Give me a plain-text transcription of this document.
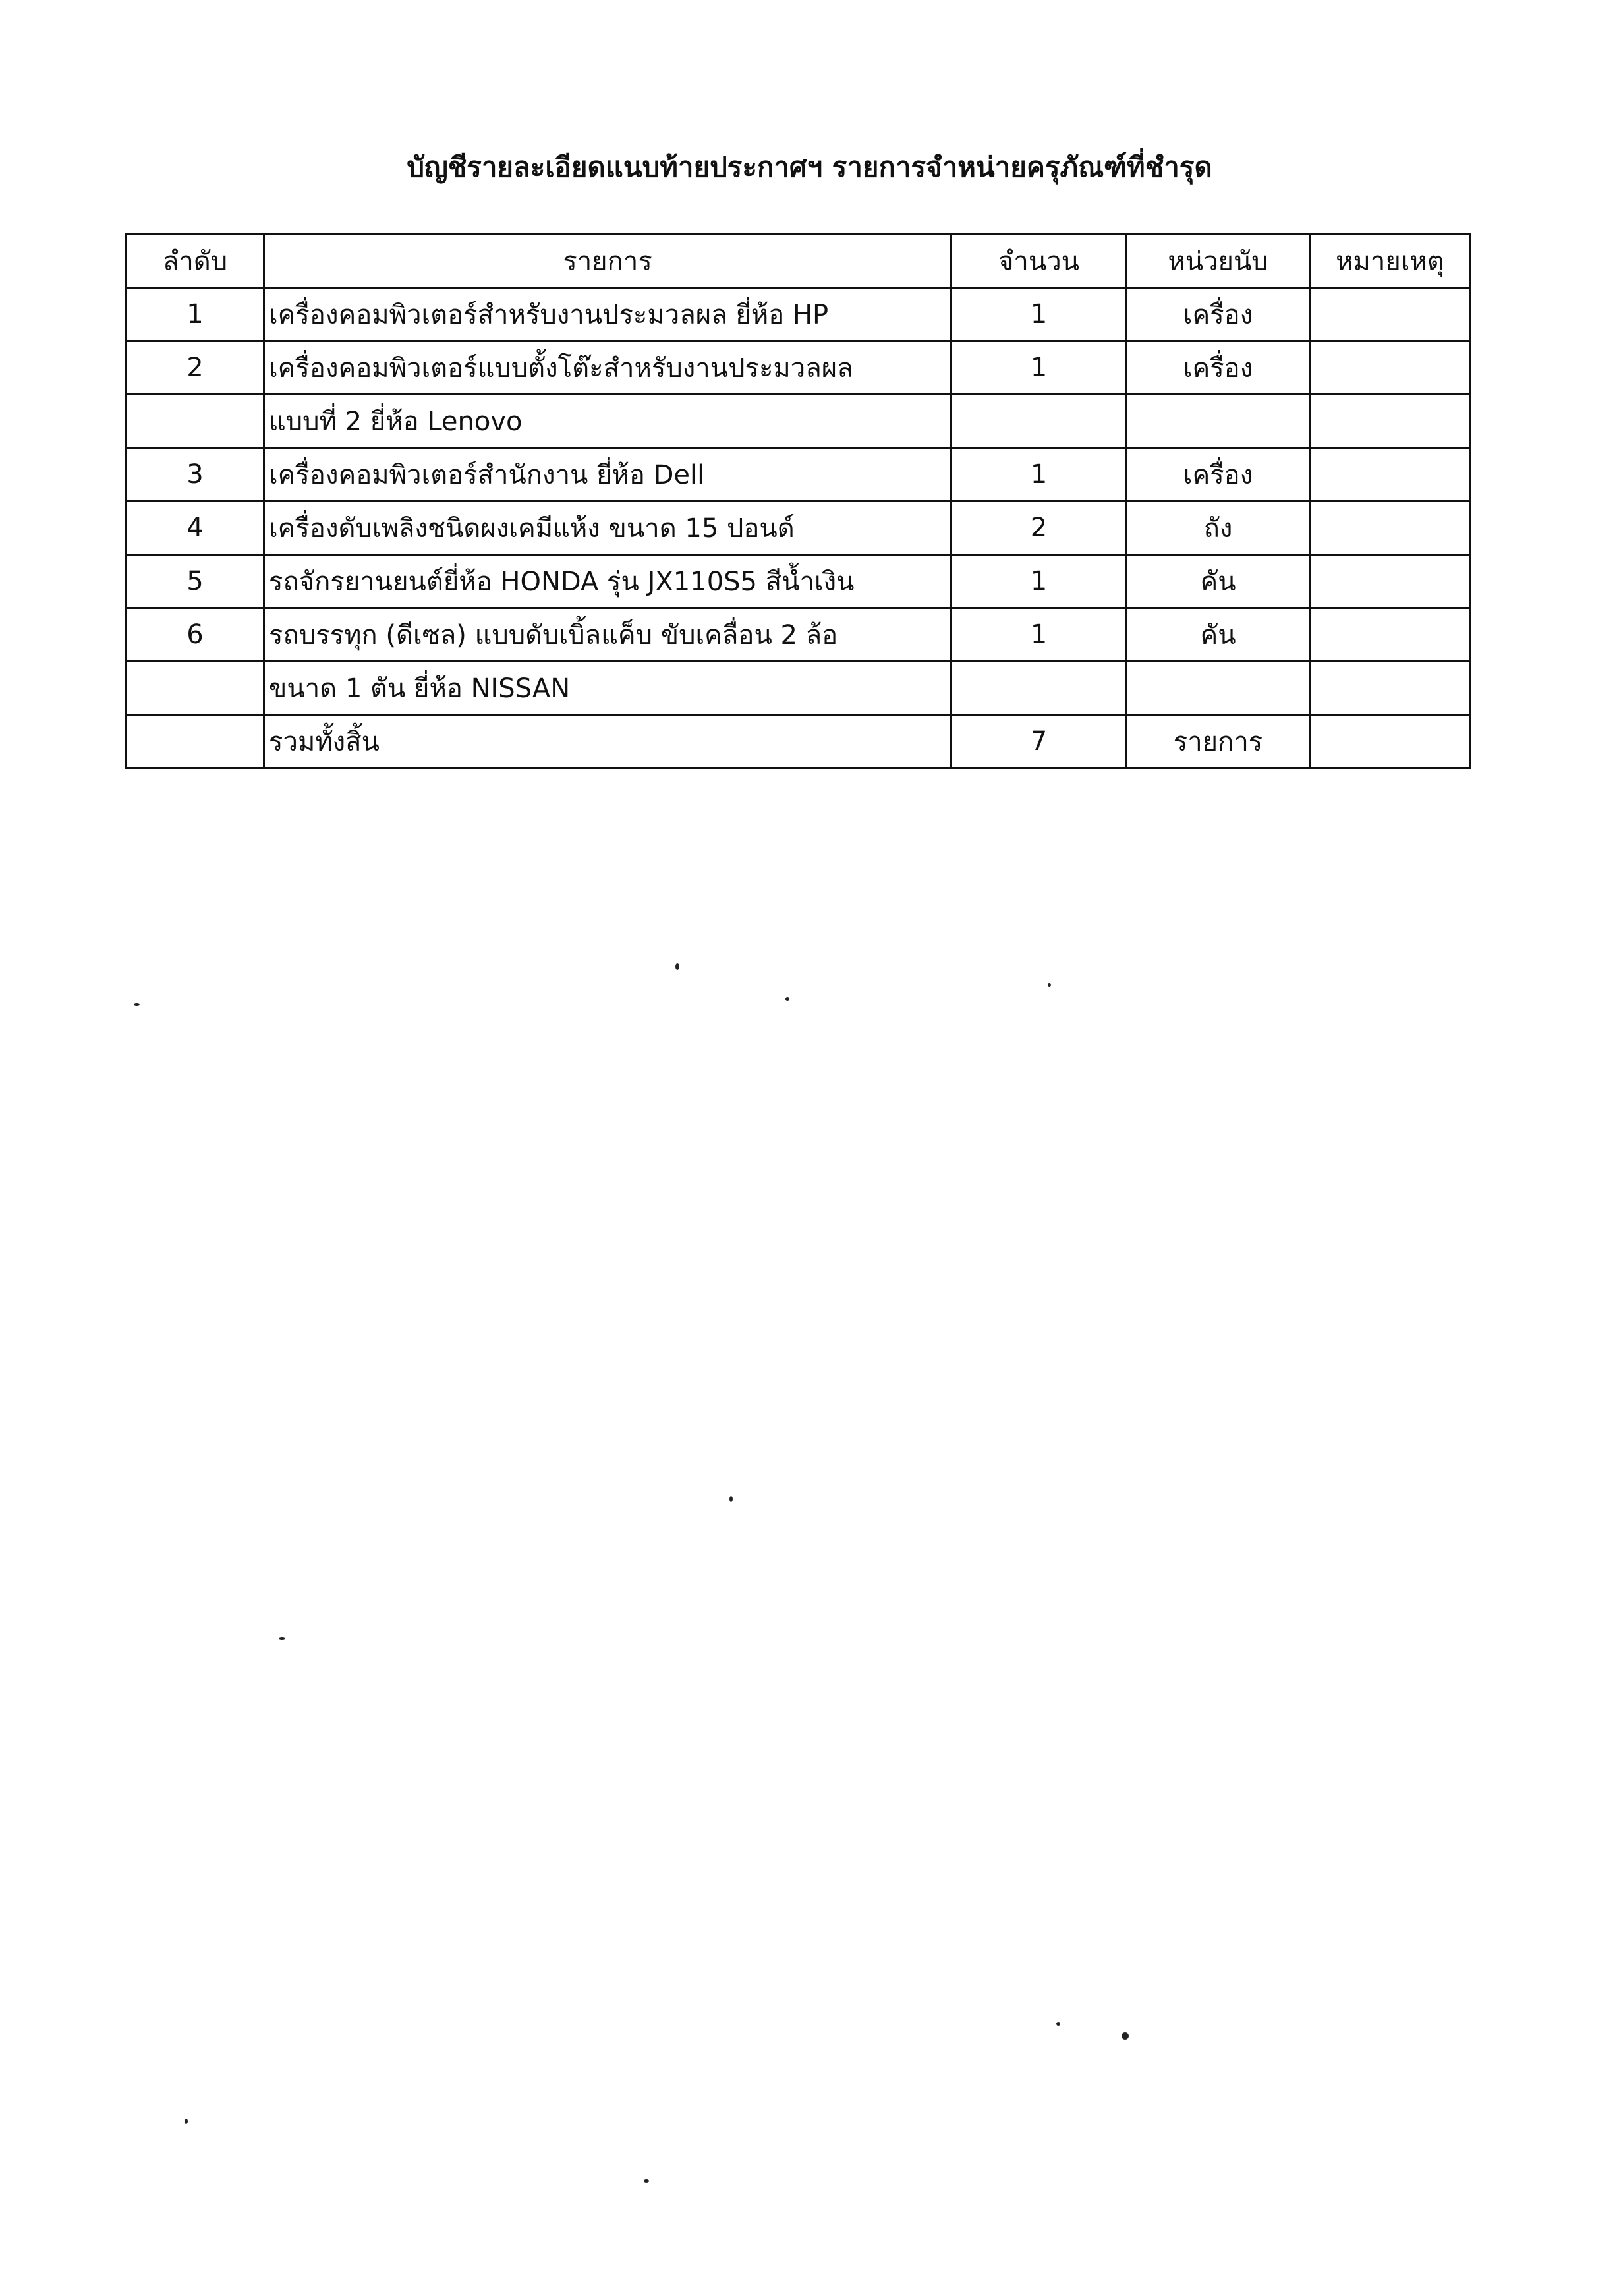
บัญชีรายละเอียดแนบท้ายประกาศฯ รายการจำหน่ายครุภัณฑ์ที่ชำรุด
ลำดับ	รายการ	จำนวน	หน่วยนับ	หมายเหตุ
1	เครื่องคอมพิวเตอร์สำหรับงานประมวลผล ยี่ห้อ HP	1	เครื่อง	
2	เครื่องคอมพิวเตอร์แบบตั้งโต๊ะสำหรับงานประมวลผล	1	เครื่อง	
	แบบที่ 2 ยี่ห้อ Lenovo			
3	เครื่องคอมพิวเตอร์สำนักงาน ยี่ห้อ Dell	1	เครื่อง	
4	เครื่องดับเพลิงชนิดผงเคมีแห้ง ขนาด 15 ปอนด์	2	ถัง	
5	รถจักรยานยนต์ยี่ห้อ HONDA รุ่น JX110S5 สีน้ำเงิน	1	คัน	
6	รถบรรทุก (ดีเซล) แบบดับเบิ้ลแค็บ ขับเคลื่อน 2 ล้อ	1	คัน	
	ขนาด 1 ตัน ยี่ห้อ NISSAN			
	รวมทั้งสิ้น	7	รายการ	
